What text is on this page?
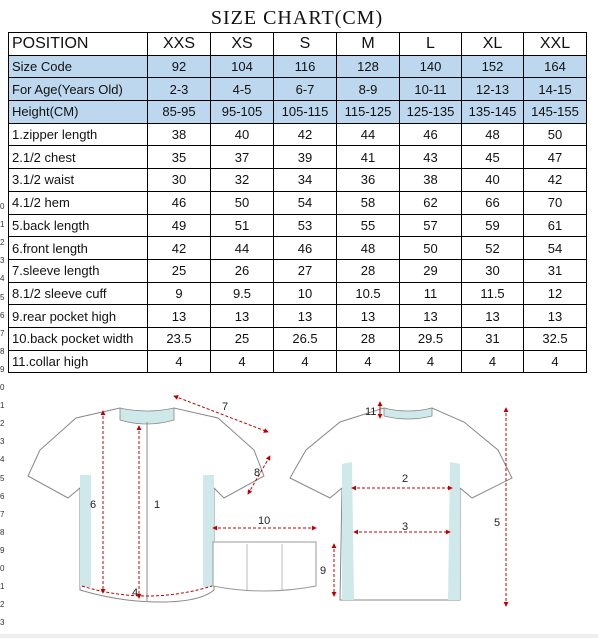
0
1
2
3
4
5
6
7
8
9
0
1
2
3
4
5
6
7
8
9
0
1
2
3
SIZE CHART(CM)
POSITION	XXS	XS	S	M	L	XL	XXL
Size Code	92	104	116	128	140	152	164
For Age(Years Old)	2-3	4-5	6-7	8-9	10-11	12-13	14-15
Height(CM)	85-95	95-105	105-115	115-125	125-135	135-145	145-155
1.zipper length	38	40	42	44	46	48	50
2.1/2 chest	35	37	39	41	43	45	47
3.1/2 waist	30	32	34	36	38	40	42
4.1/2 hem	46	50	54	58	62	66	70
5.back length	49	51	53	55	57	59	61
6.front length	42	44	46	48	50	52	54
7.sleeve length	25	26	27	28	29	30	31
8.1/2 sleeve cuff	9	9.5	10	10.5	11	11.5	12
9.rear pocket high	13	13	13	13	13	13	13
10.back pocket width	23.5	25	26.5	28	29.5	31	32.5
11.collar high	4	4	4	4	4	4	4
6	1
4
7
8
10
9
11
2
3	5
